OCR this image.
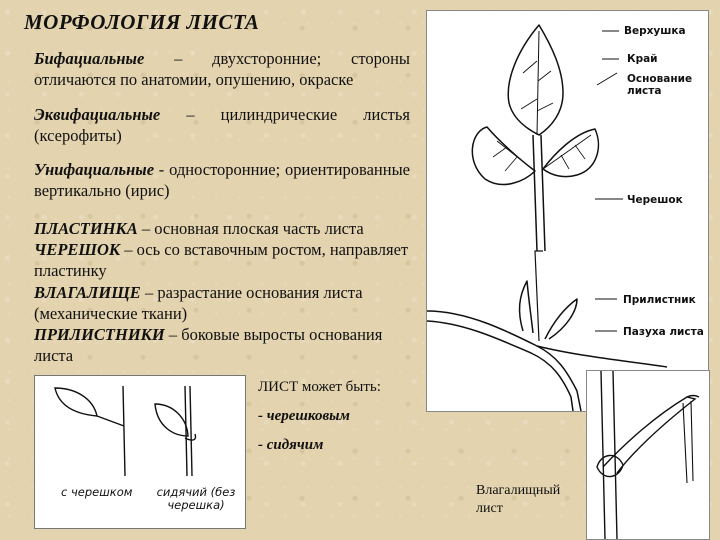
МОРФОЛОГИЯ ЛИСТА
Бифациальные – двухсторонние; стороны отличаются по анатомии, опушению, окраске
Эквифациальные – цилиндрические листья (ксерофиты)
Унифациальные - односторонние; ориентированные вертикально (ирис)
ПЛАСТИНКА – основная плоская часть листа
ЧЕРЕШОК – ось со вставочным ростом, направляет пластинку
ВЛАГАЛИЩЕ – разрастание основания листа (механические ткани)
ПРИЛИСТНИКИ – боковые выросты основания листа
с черешком	сидячий (без черешка)

ЛИСТ может быть:

- черешковым

- сидячим

Верхушка
Край
Основание листа
Черешок
Прилистник
Пазуха листа
Влагалищный лист
